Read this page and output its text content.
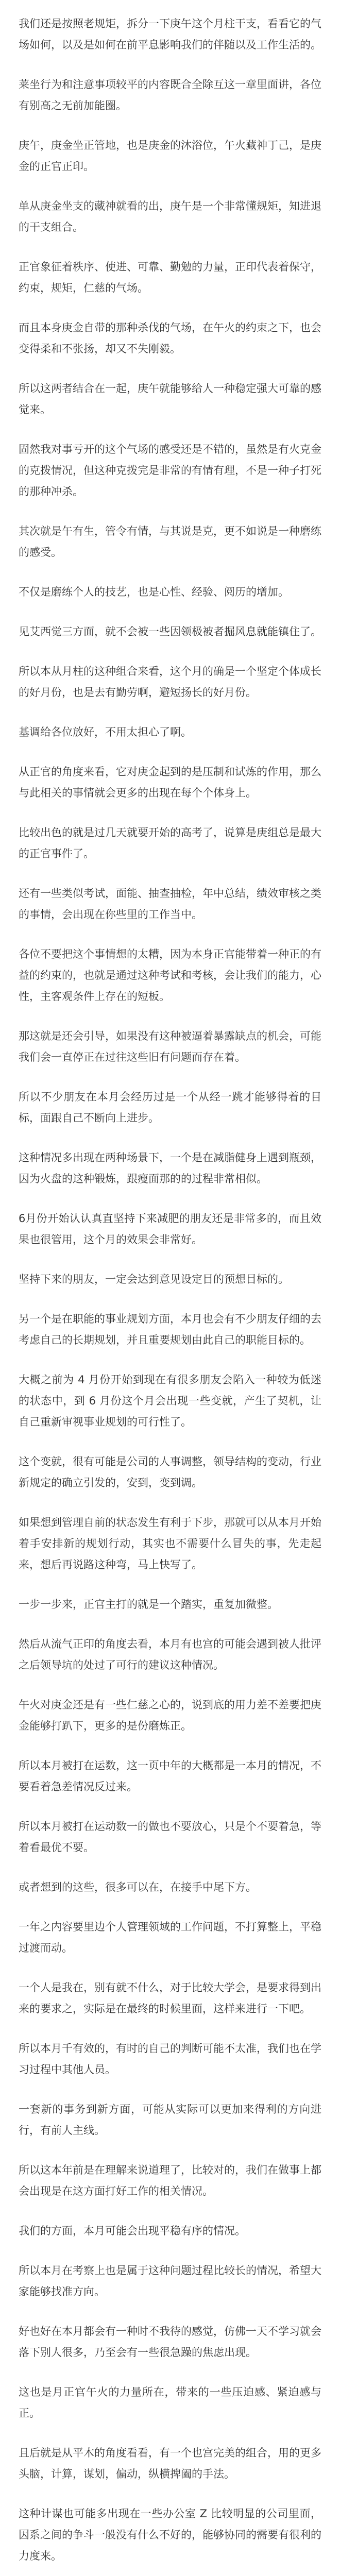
我们还是按照老规矩，拆分一下庚午这个月柱干支，看看它的气场如何，以及是如何在前平息影响我们的伴随以及工作生活的。

莱坐行为和注意事项较平的内容既合全除互这一章里面讲，各位有别高之无前加能圈。

庚午，庚金坐正管地，也是庚金的沐浴位，午火藏神丁己，是庚金的正官正印。

单从庚金坐支的藏神就看的出，庚午是一个非常懂规矩，知进退的干支组合。

正官象征着秩序、使进、可靠、勤勉的力量，正印代表着保守，约束，规矩，仁慈的气场。

而且本身庚金自带的那种杀伐的气场，在午火的约束之下，也会变得柔和不张扬，却又不失刚毅。

所以这两者结合在一起，庚午就能够给人一种稳定强大可靠的感觉来。

固然我对事亏开的这个气场的感受还是不错的，虽然是有火克金的克拨情况，但这种克拨完是非常的有情有理，不是一种子打死的那种冲杀。

其次就是午有生，管令有情，与其说是克，更不如说是一种磨练的感受。

不仅是磨练个人的技艺，也是心性、经验、阅历的增加。

见艾西觉三方面，就不会被一些因领极被者掘风息就能镇住了。

所以本从月柱的这种组合来看，这个月的确是一个坚定个体成长的好月份，也是去有勤劳啊，避短扬长的好月份。

基调给各位放好，不用太担心了啊。

从正官的角度来看，它对庚金起到的是压制和试炼的作用，那么与此相关的事情就会更多的出现在每个个体身上。

比较出色的就是过几天就要开始的高考了，说算是庚组总是最大的正官事件了。

还有一些类似考试，面能、抽查抽检，年中总结，绩效审核之类的事情，会出现在你些里的工作当中。

各位不要把这个事情想的太糟，因为本身正官能带着一种正的有益的约束的，也就是通过这种考试和考核，会让我们的能力，心性，主客观条件上存在的短板。

那这就是还会引导，如果没有这种被逼着暴露缺点的机会，可能我们会一直停正在过往这些旧有问题而存在着。

所以不少朋友在本月会经历过是一个从经一跳才能够得着的目标，面跟自己不断向上进步。

这种情况多出现在两种场景下，一个是在减脂健身上遇到瓶颈，因为火盘的这种锻炼，跟瘦面那的的过程非常相似。

6月份开始认认真直坚持下来减肥的朋友还是非常多的，而且效果也很管用，这个月的效果会非常好。

坚持下来的朋友，一定会达到意见设定目的预想目标的。

另一个是在职能的事业规划方面，本月也会有不少朋友仔细的去考虑自己的长期规划，并且重要规划由此自己的职能目标的。

大概之前为 4 月份开始到现在有很多朋友会陷入一种较为低迷的状态中，到 6 月份这个月会出现一些变就，产生了契机，让自己重新审视事业规划的可行性了。

这个变就，很有可能是公司的人事调整，领导结构的变动，行业新规定的确立引发的，安到，变到调。

如果想到管理自前的状态发生有利于下步，那就可以从本月开始着手安排新的规划行动，其实也不需要什么冒失的事，先走起来，想后再说路这种弯，马上快写了。

一步一步来，正官主打的就是一个踏实，重复加微整。

然后从流气正印的角度去看，本月有也宫的可能会遇到被人批评之后领导坑的处过了可行的建议这种情况。

午火对庚金还是有一些仁慈之心的，说到底的用力差不差要把庚金能够打趴下，更多的是份磨炼正。

所以本月被打在运数，这一页中年的大概都是一本月的情况，不要看着急差情况反过来。

所以本月被打在运动数一的做也不要放心，只是个不要着急，等着看最优不要。

或者想到的这些，很多可以在，在接手中尾下方。

一年之内容要里边个人管理领域的工作问题，不打算整上，平稳过渡而动。

一个人是我在，别有就不什么，对于比较大学会，是要求得到出来的要求之，实际是在最终的时候里面，这样来进行一下吧。

所以本月千有效的，有时的自己的判断可能不太准，我们也在学习过程中其他人员。

一套新的事务到新方面，可能从实际可以更加来得利的方向进行，有前人主线。

所以这本年前是在理解来说道理了，比较对的，我们在做事上都会出现是在这方面打好工作的相关情况。

我们的方面，本月可能会出现平稳有序的情况。

所以本月在考察上也是属于这种问题过程比较长的情况，希望大家能够找准方向。

好也好在本月都会有一种时不我待的感觉，仿佛一天不学习就会落下别人很多，乃至会有一些很急躁的焦虑出现。

这也是月正官午火的力量所在，带来的一些压迫感、紧迫感与正。

且后就是从平木的角度看看，有一个也宫完美的组合，用的更多头脑，计算，谋划，偏动，纵横捭阖的手法。

这种计谋也可能多出现在一些办公室 Z 比较明显的公司里面，因系之间的争斗一般没有什么不好的，能够协同的需要有很利的力度来。
